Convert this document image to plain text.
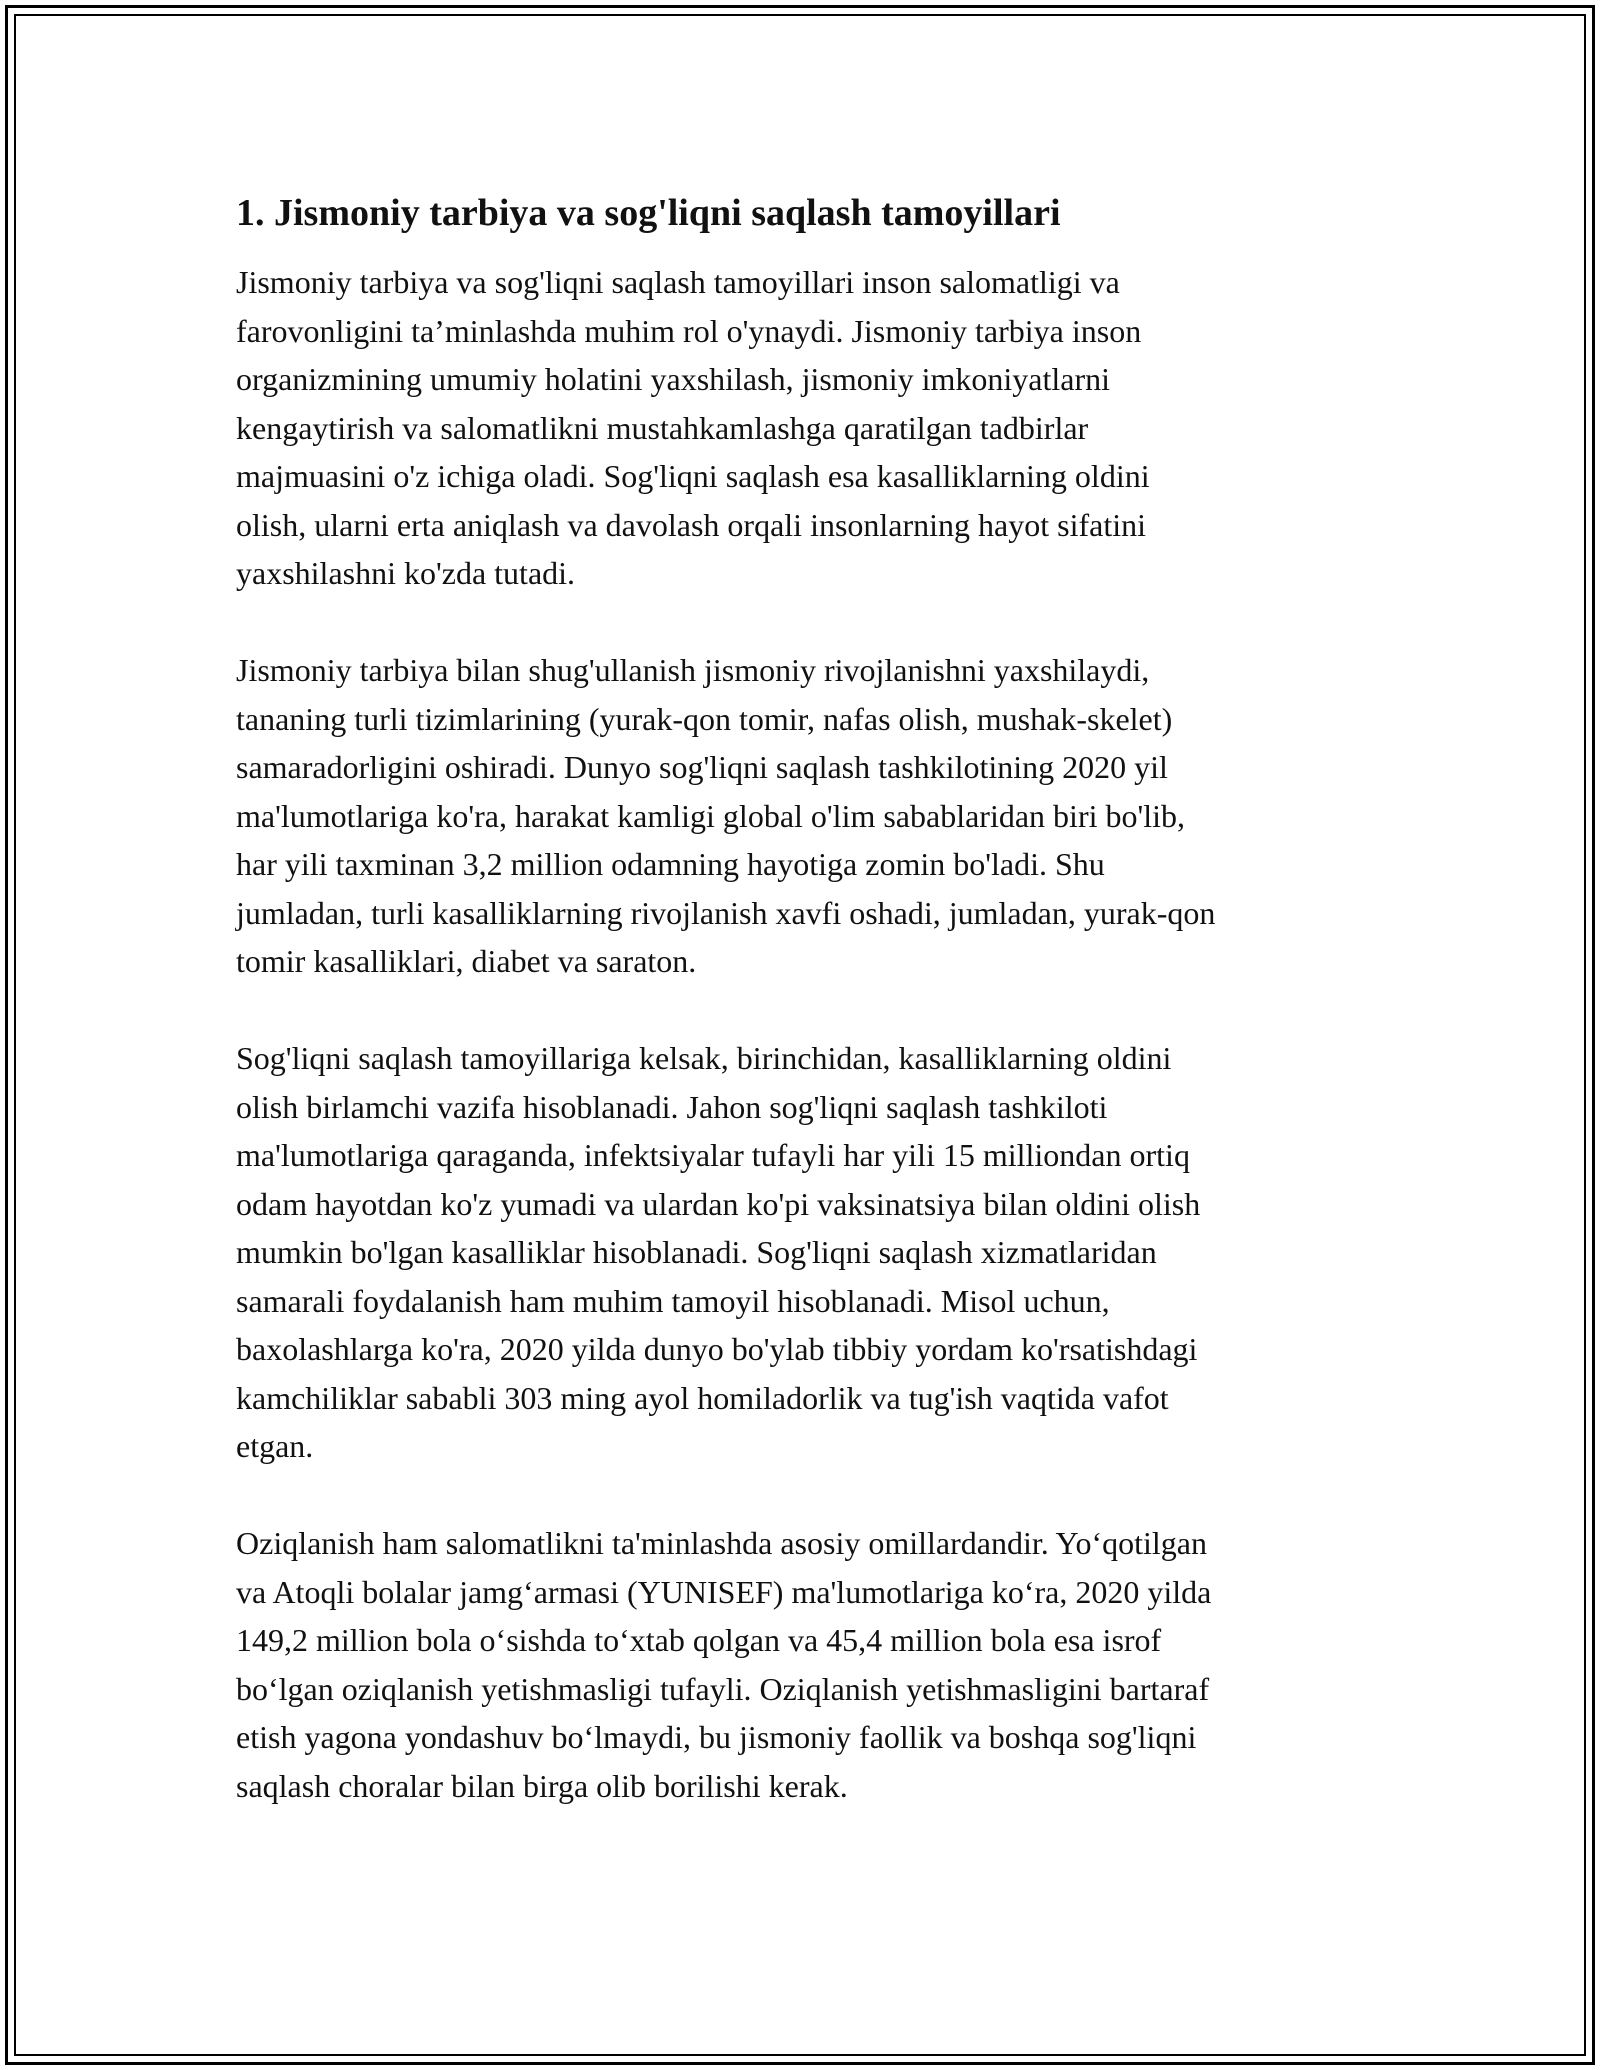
1. Jismoniy tarbiya va sog'liqni saqlash tamoyillari
Jismoniy tarbiya va sog'liqni saqlash tamoyillari inson salomatligi va
farovonligini ta’minlashda muhim rol o'ynaydi. Jismoniy tarbiya inson
organizmining umumiy holatini yaxshilash, jismoniy imkoniyatlarni
kengaytirish va salomatlikni mustahkamlashga qaratilgan tadbirlar
majmuasini o'z ichiga oladi. Sog'liqni saqlash esa kasalliklarning oldini
olish, ularni erta aniqlash va davolash orqali insonlarning hayot sifatini
yaxshilashni ko'zda tutadi.
Jismoniy tarbiya bilan shug'ullanish jismoniy rivojlanishni yaxshilaydi,
tananing turli tizimlarining (yurak-qon tomir, nafas olish, mushak-skelet)
samaradorligini oshiradi. Dunyo sog'liqni saqlash tashkilotining 2020 yil
ma'lumotlariga ko'ra, harakat kamligi global o'lim sabablaridan biri bo'lib,
har yili taxminan 3,2 million odamning hayotiga zomin bo'ladi. Shu
jumladan, turli kasalliklarning rivojlanish xavfi oshadi, jumladan, yurak-qon
tomir kasalliklari, diabet va saraton.
Sog'liqni saqlash tamoyillariga kelsak, birinchidan, kasalliklarning oldini
olish birlamchi vazifa hisoblanadi. Jahon sog'liqni saqlash tashkiloti
ma'lumotlariga qaraganda, infektsiyalar tufayli har yili 15 milliondan ortiq
odam hayotdan ko'z yumadi va ulardan ko'pi vaksinatsiya bilan oldini olish
mumkin bo'lgan kasalliklar hisoblanadi. Sog'liqni saqlash xizmatlaridan
samarali foydalanish ham muhim tamoyil hisoblanadi. Misol uchun,
baxolashlarga ko'ra, 2020 yilda dunyo bo'ylab tibbiy yordam ko'rsatishdagi
kamchiliklar sababli 303 ming ayol homiladorlik va tug'ish vaqtida vafot
etgan.
Oziqlanish ham salomatlikni ta'minlashda asosiy omillardandir. Yo‘qotilgan
va Atoqli bolalar jamg‘armasi (YUNISEF) ma'lumotlariga ko‘ra, 2020 yilda
149,2 million bola o‘sishda to‘xtab qolgan va 45,4 million bola esa isrof
bo‘lgan oziqlanish yetishmasligi tufayli. Oziqlanish yetishmasligini bartaraf
etish yagona yondashuv bo‘lmaydi, bu jismoniy faollik va boshqa sog'liqni
saqlash choralar bilan birga olib borilishi kerak.
